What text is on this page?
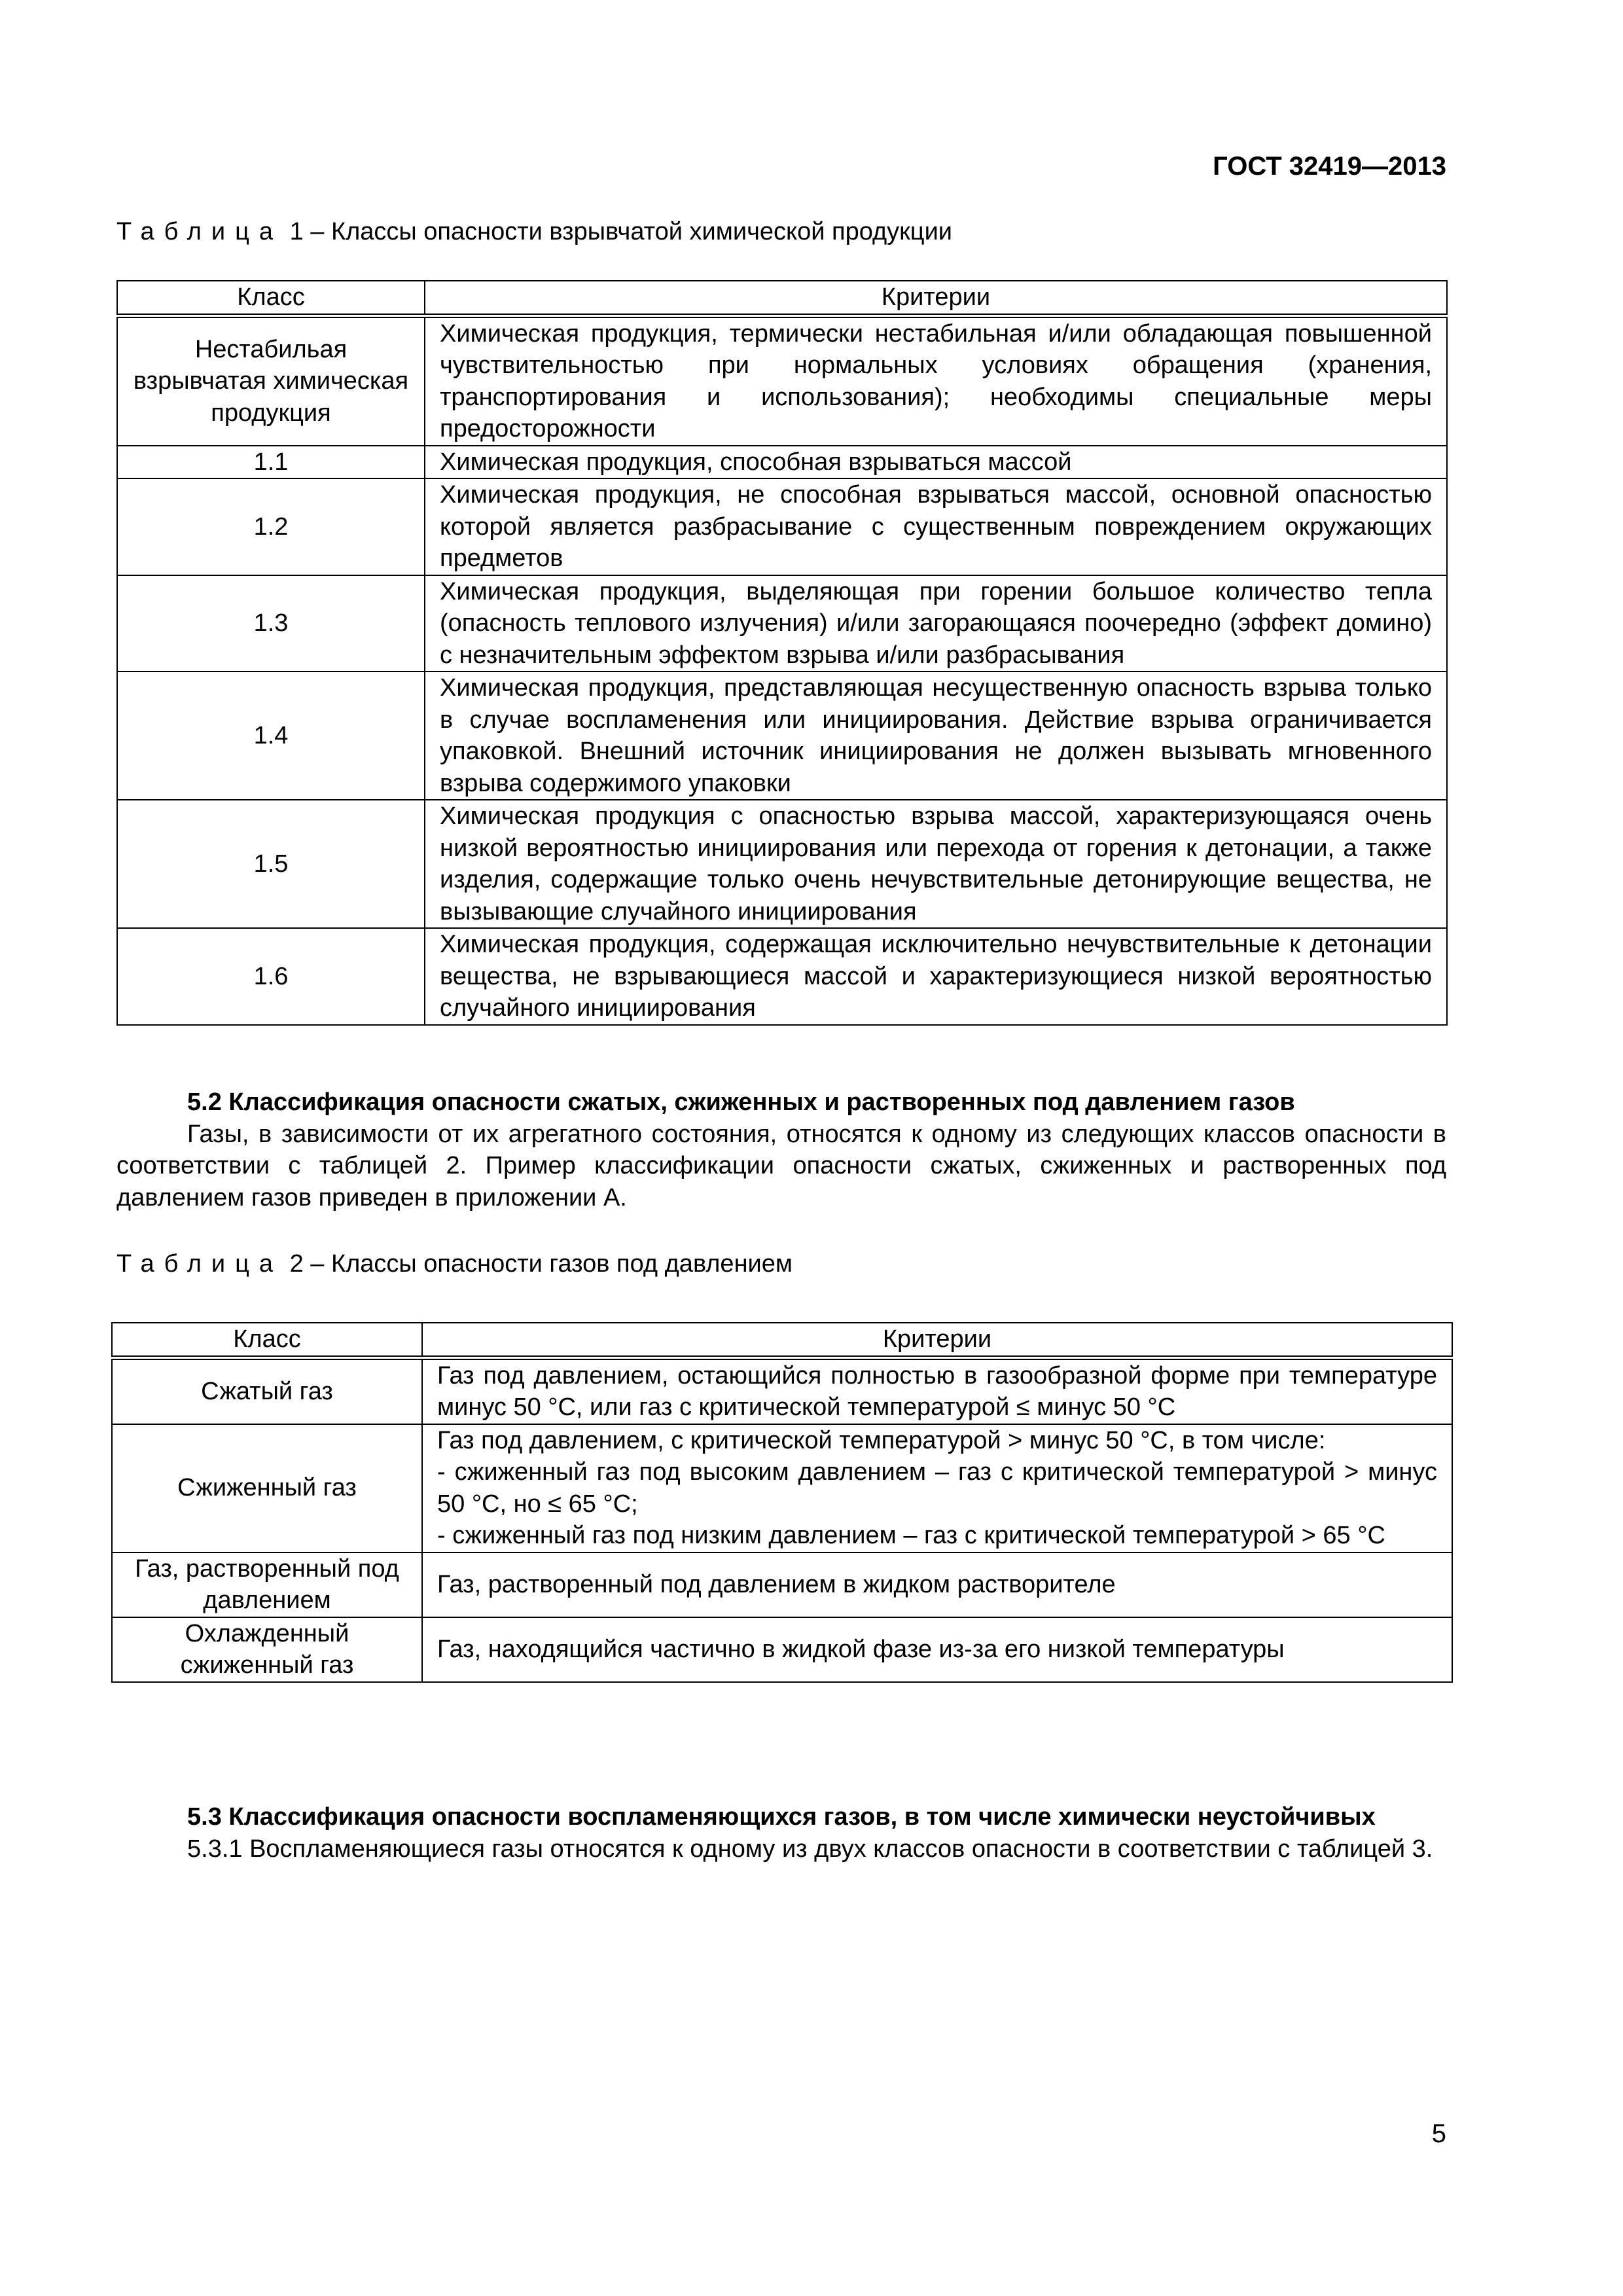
ГОСТ 32419—2013
Таблица 1 – Классы опасности взрывчатой химической продукции
Класс	Критерии
Нестабильая взрывчатая химическая продукция	Химическая продукция, термически нестабильная и/или обладающая повышенной чувствительностью при нормальных условиях обращения (хранения, транспортирования и использования); необходимы специальные меры предосторожности
1.1	Химическая продукция, способная взрываться массой
1.2	Химическая продукция, не способная взрываться массой, основной опасностью которой является разбрасывание с существенным повреждением окружающих предметов
1.3	Химическая продукция, выделяющая при горении большое количество тепла (опасность теплового излучения) и/или загорающаяся поочередно (эффект домино) с незначительным эффектом взрыва и/или разбрасывания
1.4	Химическая продукция, представляющая несущественную опасность взрыва только в случае воспламенения или инициирования. Действие взрыва ограничивается упаковкой. Внешний источник инициирования не должен вызывать мгновенного взрыва содержимого упаковки
1.5	Химическая продукция с опасностью взрыва массой, характеризующаяся очень низкой вероятностью инициирования или перехода от горения к детонации, а также изделия, содержащие только очень нечувствительные детонирующие вещества, не вызывающие случайного инициирования
1.6	Химическая продукция, содержащая исключительно нечувствительные к детонации вещества, не взрывающиеся массой и характеризующиеся низкой вероятностью случайного инициирования
5.2 Классификация опасности сжатых, сжиженных и растворенных под давлением газов
Газы, в зависимости от их агрегатного состояния, относятся к одному из следующих классов опасности в соответствии с таблицей 2. Пример классификации опасности сжатых, сжиженных и растворенных под давлением газов приведен в приложении А.
Таблица 2 – Классы опасности газов под давлением
Класс	Критерии
Сжатый газ	Газ под давлением, остающийся полностью в газообразной форме при температуре минус 50 °С, или газ с критической температурой ≤ минус 50 °С

Сжиженный газ	Газ под давлением, с критической температурой > минус 50 °С, в том числе:
- сжиженный газ под высоким давлением – газ с критической температурой > минус 50 °С, но ≤ 65 °С;
- сжиженный газ под низким давлением – газ с критической температурой > 65 °С

Газ, растворенный под давлением	Газ, растворенный под давлением в жидком растворителе

Охлажденный сжиженный газ	Газ, находящийся частично в жидкой фазе из-за его низкой температуры
5.3 Классификация опасности воспламеняющихся газов, в том числе химически неустойчивых
5.3.1 Воспламеняющиеся газы относятся к одному из двух классов опасности в соответствии с таблицей 3.
5
